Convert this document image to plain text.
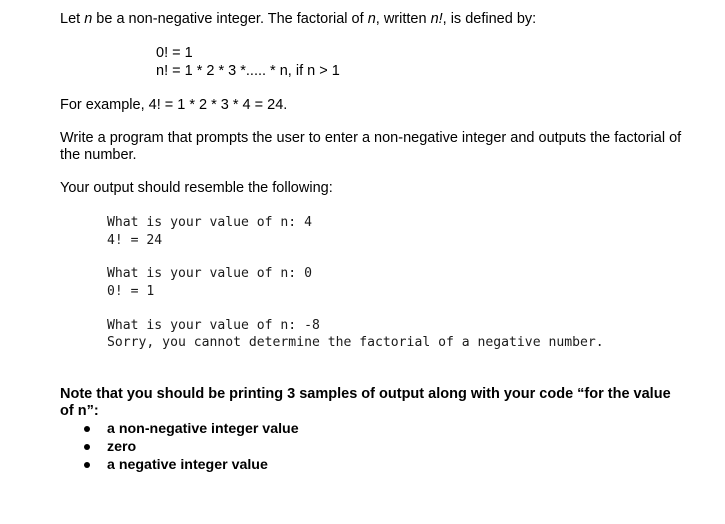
Let n be a non-negative integer. The factorial of n, written n!, is defined by:

0! = 1

n! = 1 * 2 * 3 *..... * n, if n > 1

For example, 4! = 1 * 2 * 3 * 4 = 24.

Write a program that prompts the user to enter a non-negative integer and outputs the factorial of the number.

Your output should resemble the following:

What is your value of n: 4

4! = 24

What is your value of n: 0

0! = 1

What is your value of n: -8

Sorry, you cannot determine the factorial of a negative number.

Note that you should be printing 3 samples of output along with your code “for the value of n”:

a non-negative integer value
zero
a negative integer value
